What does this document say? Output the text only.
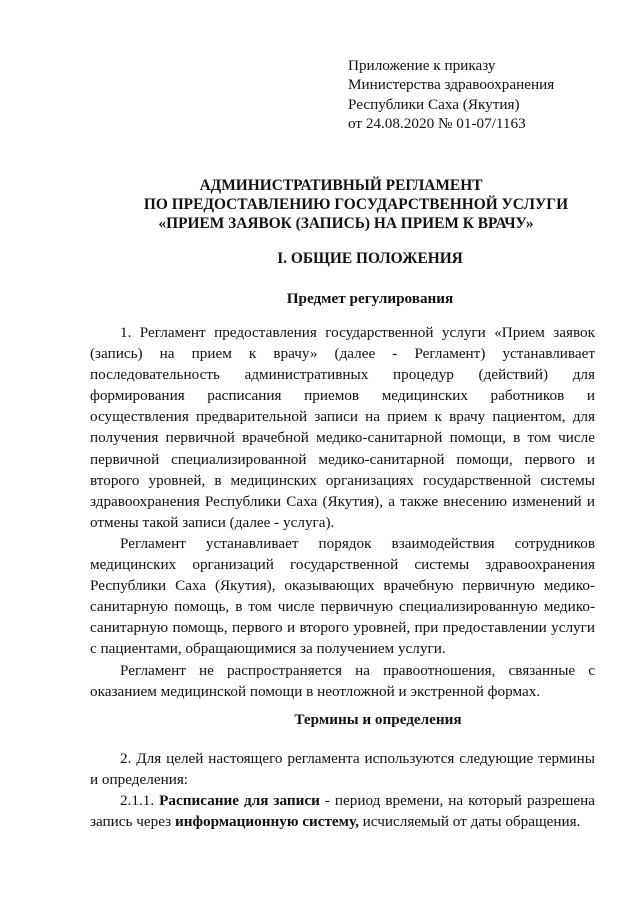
Приложение к приказу
Министерства здравоохранения
Республики Саха (Якутия)
от 24.08.2020 № 01-07/1163
АДМИНИСТРАТИВНЫЙ РЕГЛАМЕНТ
ПО ПРЕДОСТАВЛЕНИЮ ГОСУДАРСТВЕННОЙ УСЛУГИ
«ПРИЕМ ЗАЯВОК (ЗАПИСЬ) НА ПРИЕМ К ВРАЧУ»
I. ОБЩИЕ ПОЛОЖЕНИЯ
Предмет регулирования

1. Регламент предоставления государственной услуги «Прием заявок (запись) на прием к врачу» (далее - Регламент) устанавливает последовательность административных процедур (действий) для формирования расписания приемов медицинских работников и осуществления предварительной записи на прием к врачу пациентом, для получения первичной врачебной медико-санитарной помощи, в том числе первичной специализированной медико-санитарной помощи, первого и второго уровней, в медицинских организациях государственной системы здравоохранения Республики Саха (Якутия), а также внесению изменений и отмены такой записи (далее - услуга).

Регламент устанавливает порядок взаимодействия сотрудников медицинских организаций государственной системы здравоохранения Республики Саха (Якутия), оказывающих врачебную первичную медико-санитарную помощь, в том числе первичную специализированную медико-санитарную помощь, первого и второго уровней, при предоставлении услуги с пациентами, обращающимися за получением услуги.

Регламент не распространяется на правоотношения, связанные с оказанием медицинской помощи в неотложной и экстренной формах.

Термины и определения

2. Для целей настоящего регламента используются следующие термины и определения:

2.1.1. Расписание для записи - период времени, на который разрешена запись через информационную систему, исчисляемый от даты обращения.
